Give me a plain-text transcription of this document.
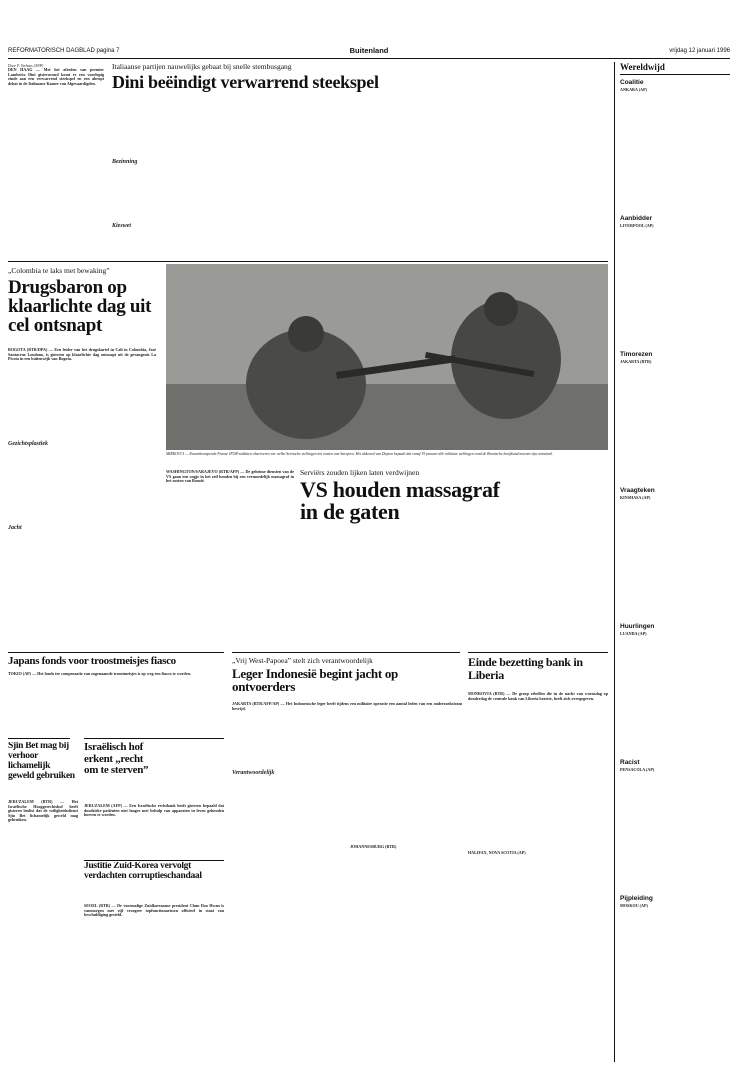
REFORMATORISCH DAGBLAD pagina 7	Buitenland	vrijdag 12 januari 1996
Door F. Verheus (ANP)
DEN HAAG — Met het afreden van premier Lamberto Dini gisteravond komt er een voorlopig einde aan een verwarrend steekspel en een abrupt debat in de Italiaanse Kamer van Afgevaardigden.
Italiaanse partijen nauwelijks gebaat bij snelle stembusgang
Dini beëindigt verwarrend steekspel
Bezinning
Kieswet
Wereldwijd
Coalitie
ANKARA (AP)
Aanbidder
LIVERPOOL (AP)
Timorezen
JAKARTA (RTR)
Vraagteken
KINSHASA (AP)
Huurlingen
LUANDA (AP)
Racist
PENSACOLA (AP)
Pijpleiding
MOSKOU (AP)
„Colombia te laks met bewaking”
Drugsbaron op klaarlichte dag uit cel ontsnapt
BOGOTA (RTR/DPA) — Een leider van het drugskartel in Cali in Colombia, José Santacruz Londono, is gisteren op klaarlichte dag ontsnapt uit de gevangenis La Picota in een buitenwijk van Bogota.
Gezichtsplastiek
Jacht
MIRKOVCI — Zwaarbewapende Franse IFOR-soldaten observeren wie welke Servische stellingen ten oosten van Sarajevo. Het akkoord van Dayton bepaalt dat vanaf 19 januari alle militaire stellingen rond de Bosnische hoofdstad moeten zijn ontruimd.
WASHINGTON/SARAJEVO (RTR/AFP) — De geheime diensten van de VS gaan een oogje in het zeil houden bij een vermoedelijk massagraf in het oosten van Bosnië.
Serviërs zouden lijken laten verdwijnen
VS houden massagraf in de gaten
Japans fonds voor troostmeisjes fiasco
TOKIO (AP) — Het fonds ter compensatie van zogenaamde troostmeisjes is op weg een fiasco te worden.
Sjin Bet mag bij verhoor lichamelijk geweld gebruiken
JERUZALEM (RTR) — Het Israëlische Hooggerechtshof heeft gisteren beslist dat de veiligheidsdienst Sjin Bet lichamelijk geweld mag gebruiken.
Israëlisch hof erkent „recht om te sterven”
JERUZALEM (AFP) — Een Israëlische rechtbank heeft gisteren bepaald dat doodzieke patiënten niet langer met behulp van apparaten in leven gehouden hoeven te worden.
Justitie Zuid-Korea vervolgt verdachten corruptieschandaal
SEOEL (RTR) — De voormalige Zuidkoreaanse president Chun Doo Hwan is vanmorgen met vijf vroegere topfunctionarissen officieel in staat van beschuldiging gesteld.
„Vrij West-Papoea” stelt zich verantwoordelijk
Leger Indonesië begint jacht op ontvoerders
JAKARTA (RTR/AFP/AP) — Het Indonesische leger heeft tijdens een militaire operatie een aantal leden van een onderzoeksteam bevrijd.
Verantwoordelijk
JOHANNESBURG (RTR)
Einde bezetting bank in Liberia
MONROVIA (RTR) — De groep rebellen die in de nacht van woensdag op donderdag de centrale bank van Liberia bezette, heeft zich overgegeven.
HALIFAX, NOVA SCOTIA (AP)
